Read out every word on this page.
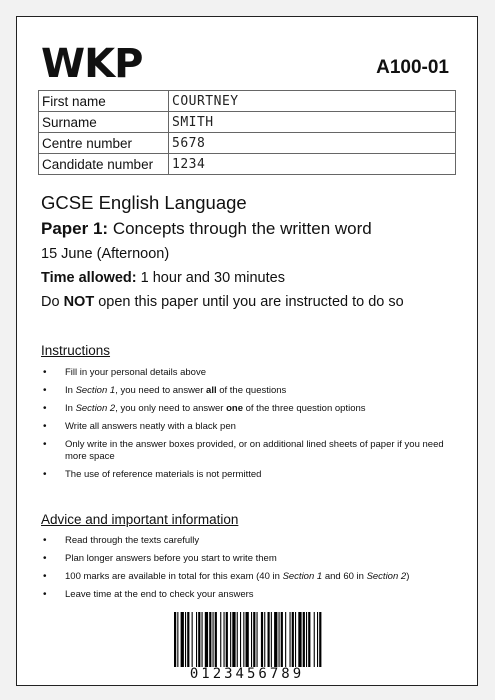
WKP	A100-01
First name	COURTNEY
Surname	SMITH
Centre number	5678
Candidate number	1234
GCSE English Language
Paper 1: Concepts through the written word
15 June (Afternoon)
Time allowed: 1 hour and 30 minutes
Do NOT open this paper until you are instructed to do so
Instructions
• Fill in your personal details above
• In Section 1, you need to answer all of the questions
• In Section 2, you only need to answer one of the three question options
• Write all answers neatly with a black pen
• Only write in the answer boxes provided, or on additional lined sheets of paper if you need more space
• The use of reference materials is not permitted
Advice and important information
• Read through the texts carefully
• Plan longer answers before you start to write them
• 100 marks are available in total for this exam (40 in Section 1 and 60 in Section 2)
• Leave time at the end to check your answers
0123456789
